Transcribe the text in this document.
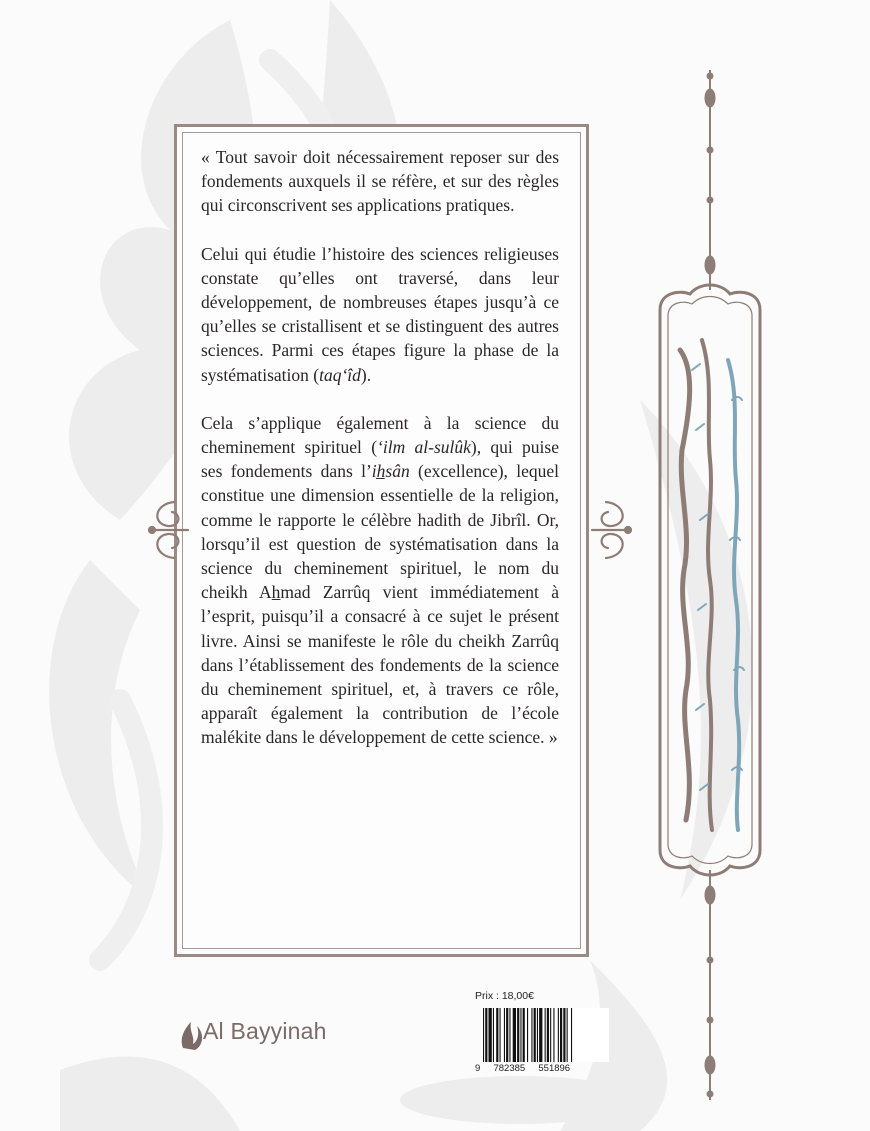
« Tout savoir doit nécessairement reposer sur des fondements auxquels il se réfère, et sur des règles qui circonscrivent ses applications pratiques.

Celui qui étudie l’histoire des sciences religieuses constate qu’elles ont traversé, dans leur développement, de nombreuses étapes jusqu’à ce qu’elles se cristallisent et se distinguent des autres sciences. Parmi ces étapes figure la phase de la systématisation (taq‘îd).

Cela s’applique également à la science du cheminement spirituel (‘ilm al-sulûk), qui puise ses fondements dans l’ih̲sân (excellence), lequel constitue une dimension essentielle de la religion, comme le rapporte le célèbre hadith de Jibrîl. Or, lorsqu’il est question de systématisation dans la science du cheminement spirituel, le nom du cheikh Ah̲mad Zarrûq vient immédiatement à l’esprit, puisqu’il a consacré à ce sujet le présent livre. Ainsi se manifeste le rôle du cheikh Zarrûq dans l’établissement des fondements de la science du cheminement spirituel, et, à travers ce rôle, apparaît également la contribution de l’école malékite dans le développement de cette science. »

Al Bayyinah
Prix : 18,00€
9     782385     551896
